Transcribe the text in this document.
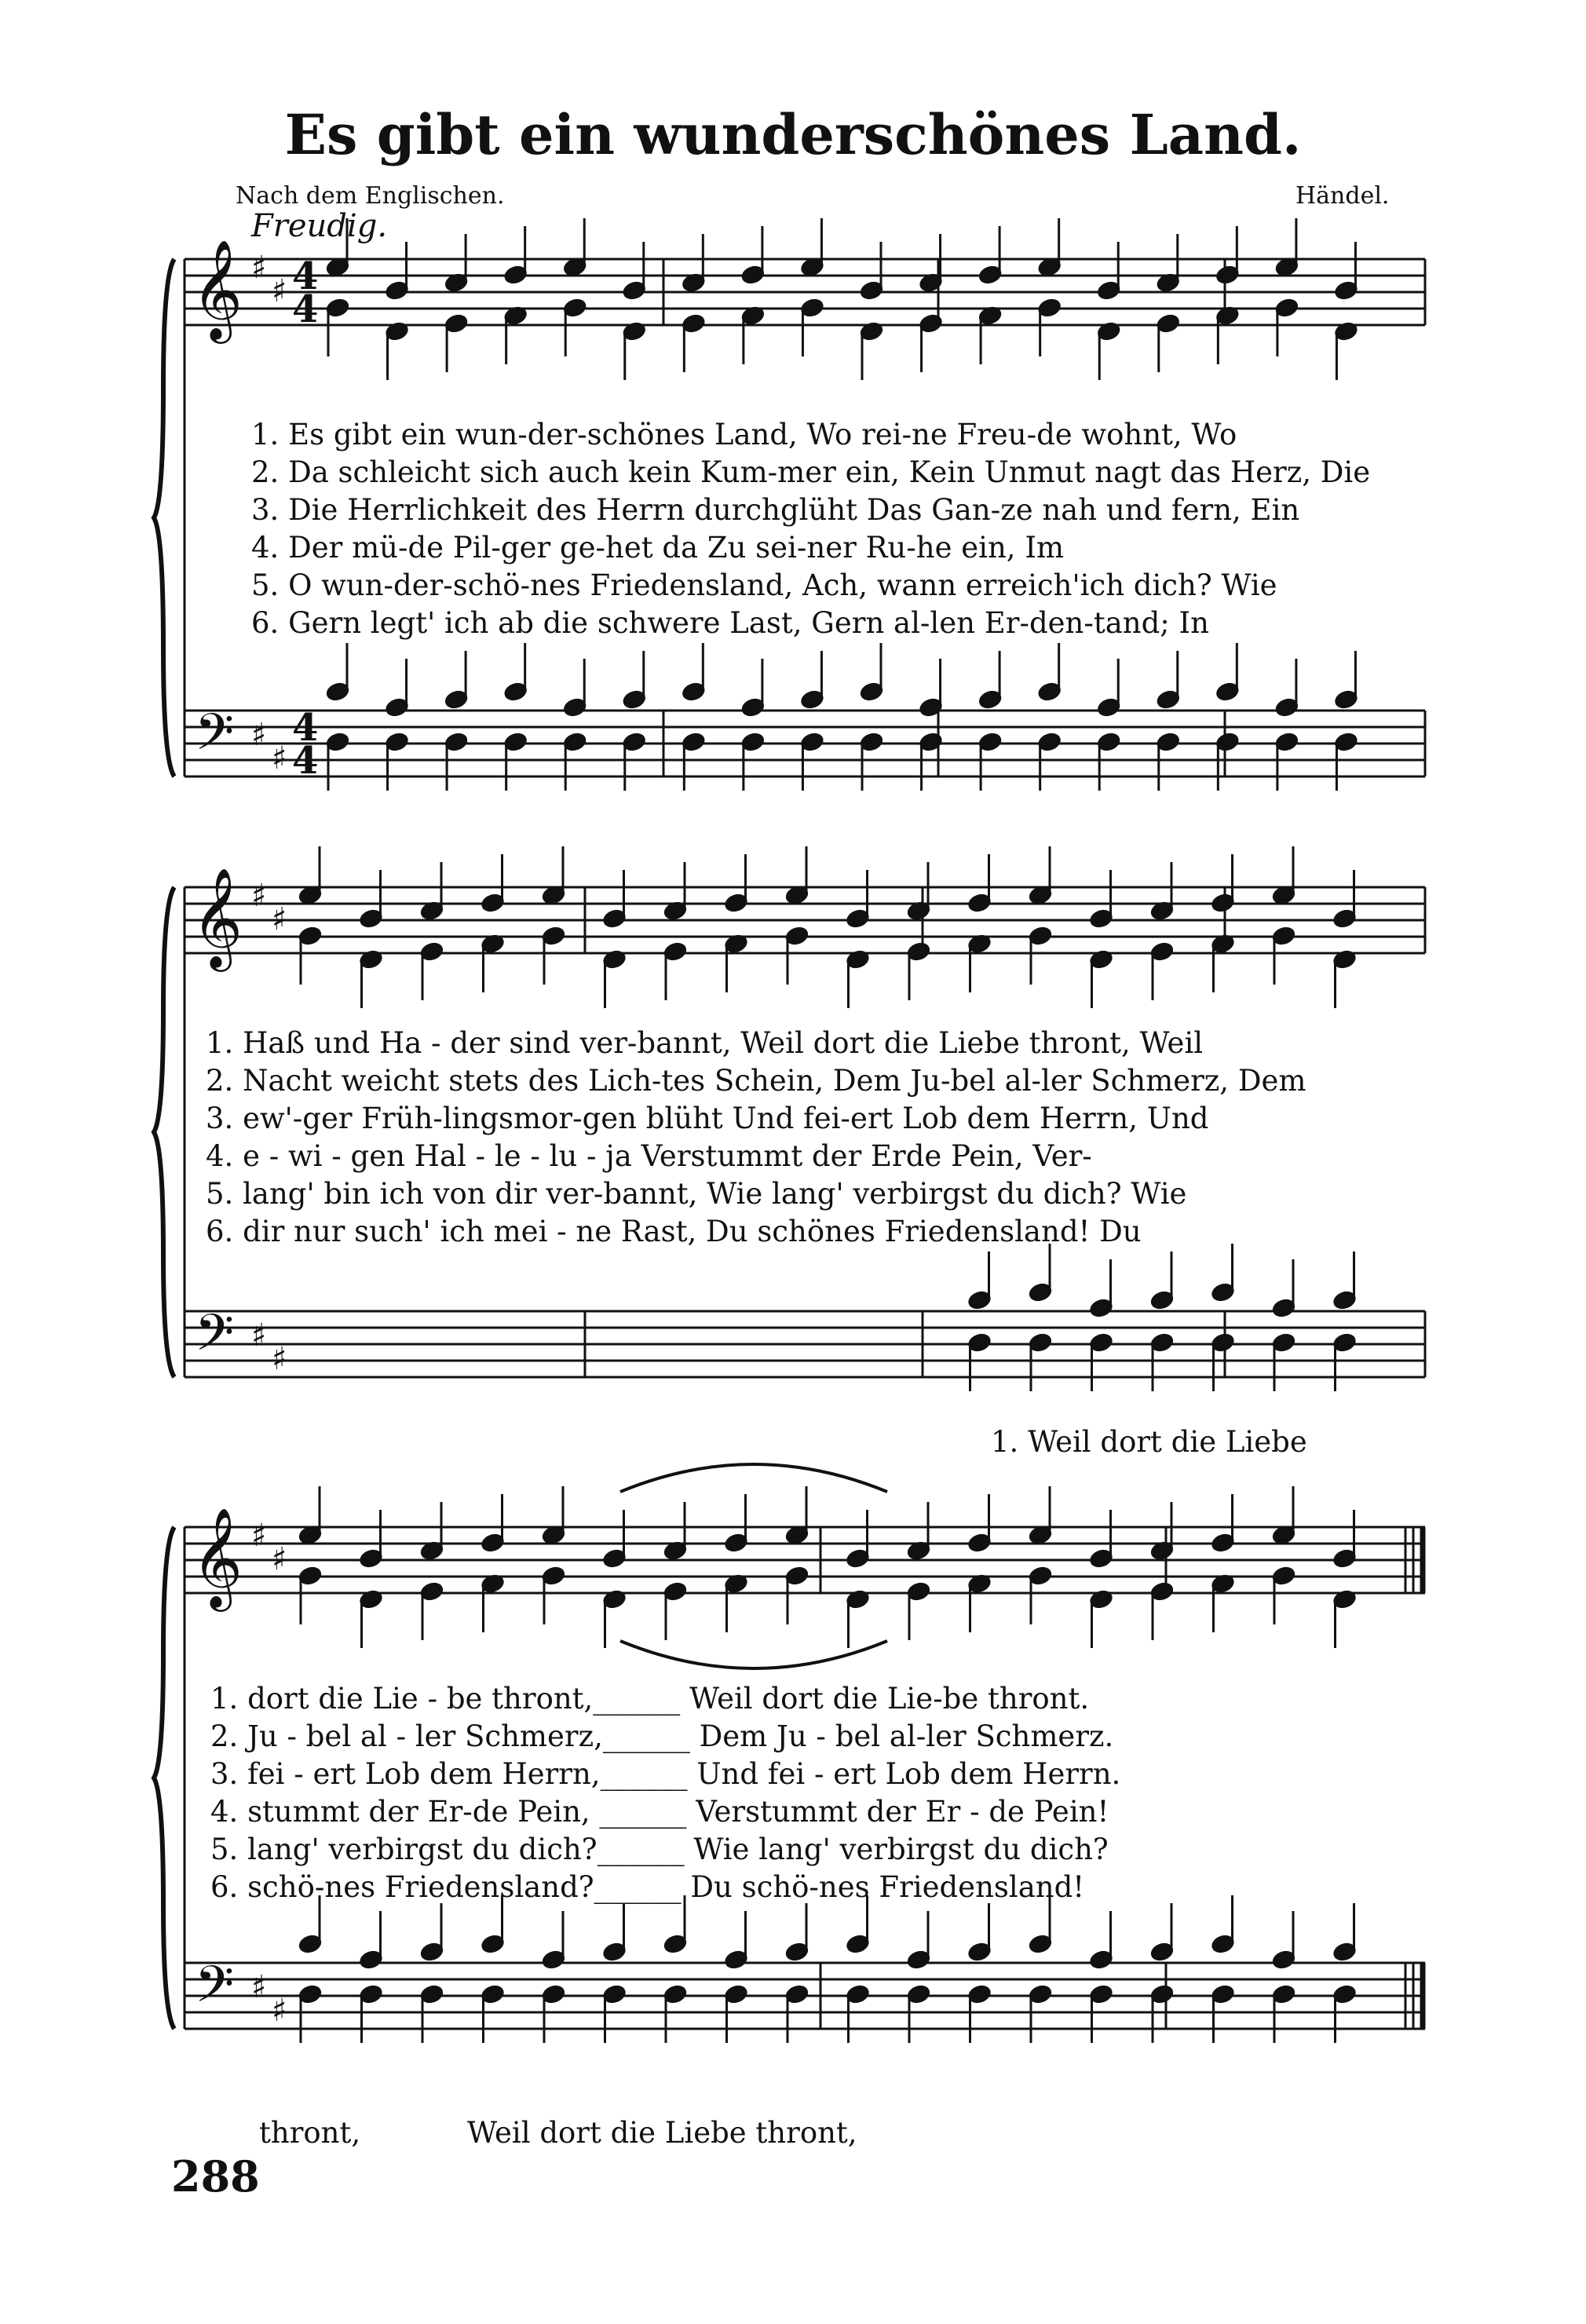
Es gibt ein wunderschönes Land.
Nach dem Englischen.	Händel.
Freudig.
𝄞
𝄢
♯
♯
♯
♯
4
4
4
4
𝄞
𝄢
♯
♯
♯
♯
𝄞
𝄢
♯
♯
♯
♯
1. Es gibt ein wun-der-schönes Land, Wo rei-ne Freu-de wohnt, Wo
2. Da schleicht sich auch kein Kum-mer ein, Kein Unmut nagt das Herz, Die
3. Die Herrlichkeit des Herrn durchglüht Das Gan-ze nah und fern, Ein
4. Der mü-de Pil-ger ge-het da Zu sei-ner Ru-he ein, Im
5. O wun-der-schö-nes Friedensland, Ach, wann erreich'ich dich? Wie
6. Gern legt' ich ab die schwere Last, Gern al-len Er-den-tand; In
1. Haß und Ha - der sind ver-bannt, Weil dort die Liebe thront, Weil
2. Nacht weicht stets des Lich-tes Schein, Dem Ju-bel al-ler Schmerz, Dem
3. ew'-ger Früh-lingsmor-gen blüht Und fei-ert Lob dem Herrn, Und
4. e - wi - gen Hal - le - lu - ja Verstummt der Erde Pein, Ver-
5. lang' bin ich von dir ver-bannt, Wie lang' verbirgst du dich? Wie
6. dir nur such' ich mei - ne Rast, Du schönes Friedensland! Du
1. Weil dort die Liebe
1. dort die Lie - be thront,______ Weil dort die Lie-be thront.
2. Ju - bel al - ler Schmerz,______ Dem Ju - bel al-ler Schmerz.
3. fei - ert Lob dem Herrn,______ Und fei - ert Lob dem Herrn.
4. stummt der Er-de Pein, ______ Verstummt der Er - de Pein!
5. lang' verbirgst du dich?______ Wie lang' verbirgst du dich?
6. schö-nes Friedensland?______ Du schö-nes Friedensland!
thront,	Weil dort die Liebe thront,
288
